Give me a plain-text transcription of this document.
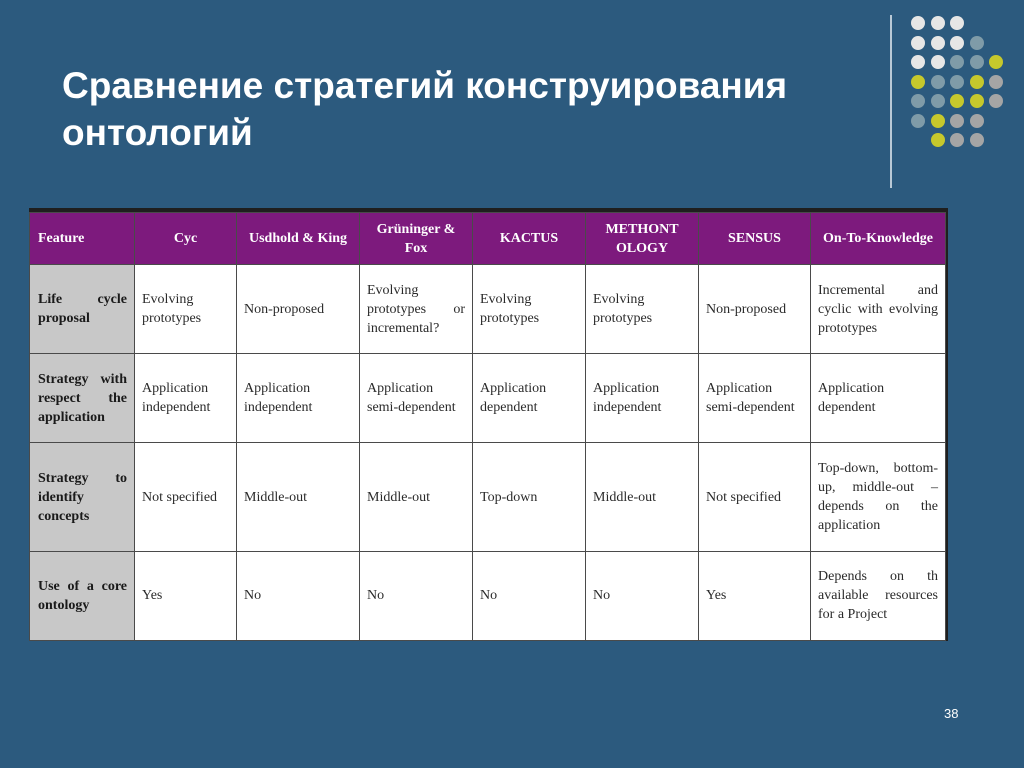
Сравнение стратегий конструирования онтологий
Feature	Cyc	Usdhold & King	Grüninger & Fox	KACTUS	METHONT OLOGY	SENSUS	On-To-Knowledge
Life cycle proposal	Evolving prototypes	Non-proposed	Evolving prototypes or incremental?	Evolving prototypes	Evolving prototypes	Non-proposed	Incremental and cyclic with evolving prototypes
Strategy with respect the application	Application independent	Application independent	Application semi-dependent	Application dependent	Application independent	Application semi-dependent	Application dependent
Strategy to identify concepts	Not specified	Middle-out	Middle-out	Top-down	Middle-out	Not specified	Top-down, bottom-up, middle-out – depends on the application
Use of a core ontology	Yes	No	No	No	No	Yes	Depends on th available resources for a Project
38
